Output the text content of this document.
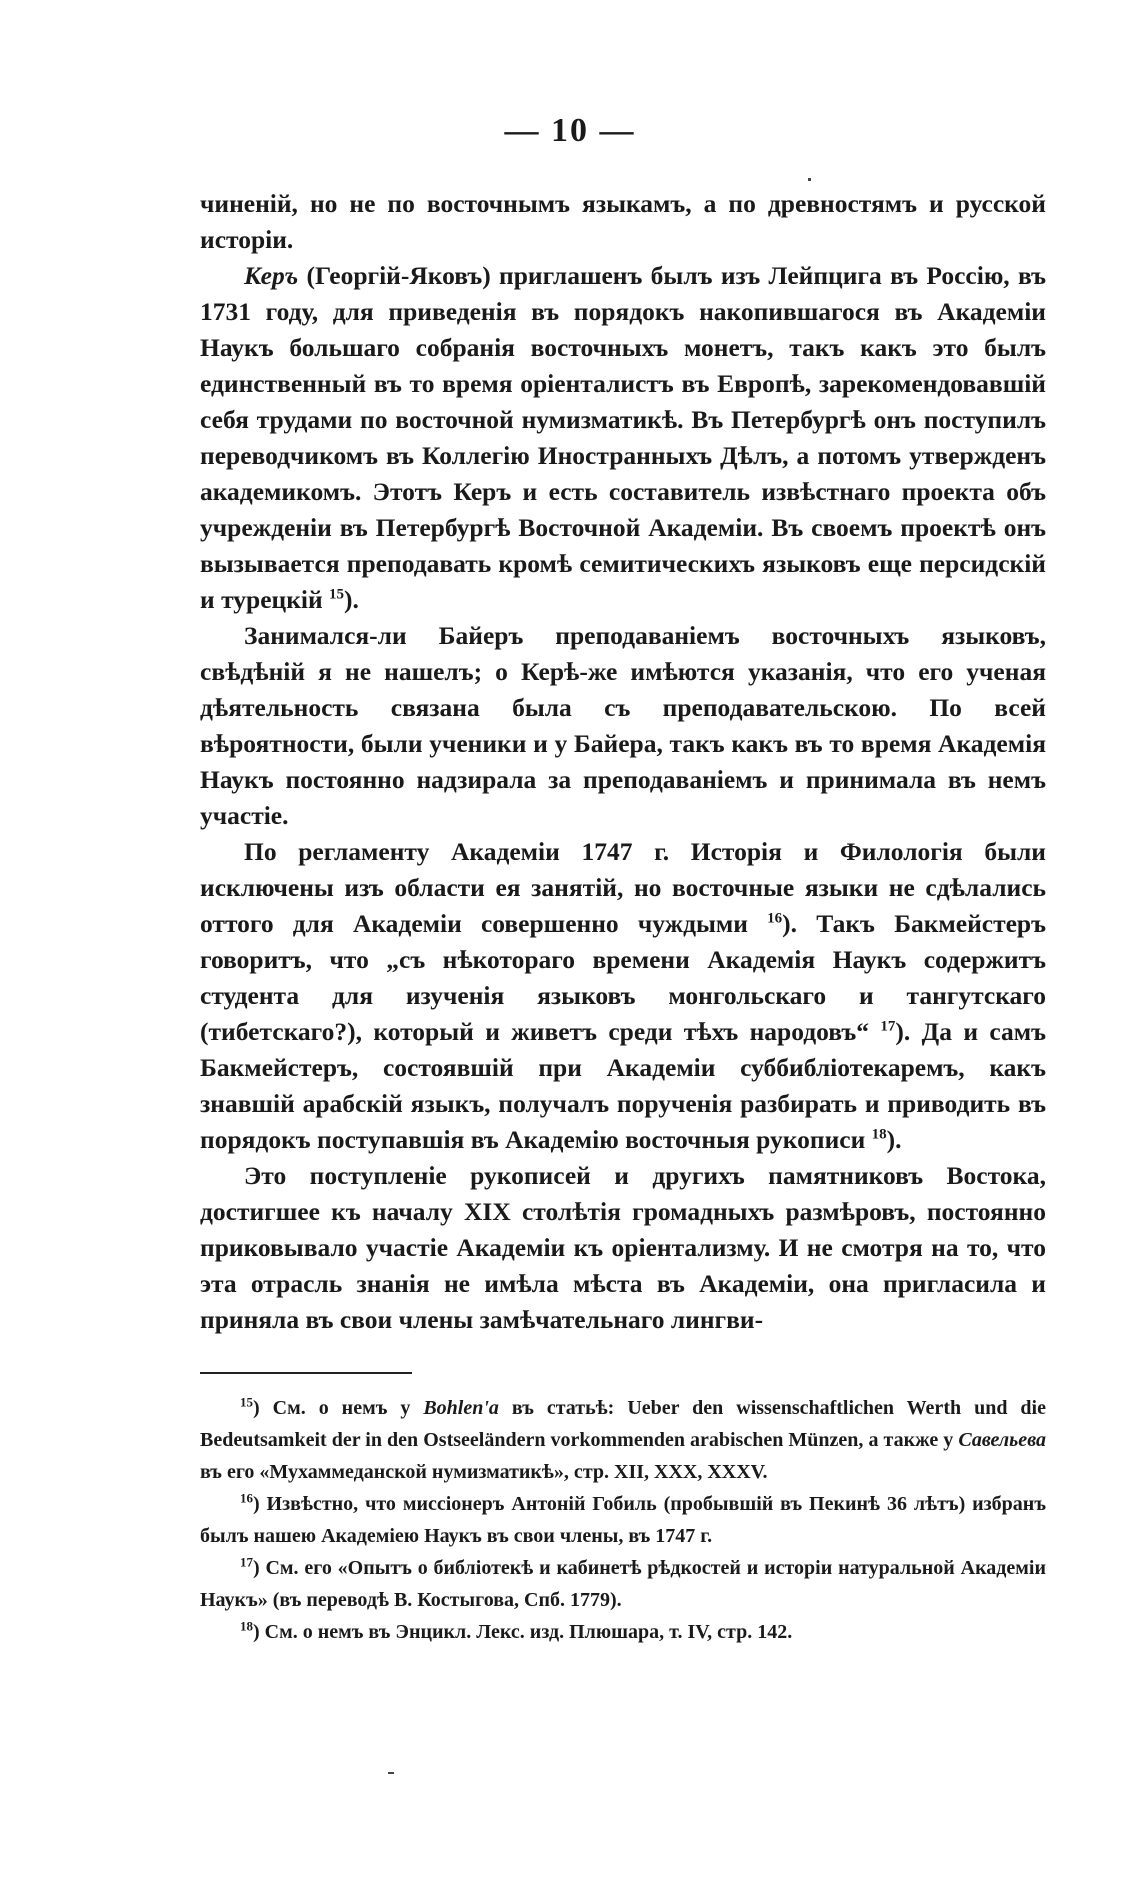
— 10 —

чиненій, но не по восточнымъ языкамъ, а по древностямъ и русской исторіи.

Керъ (Георгій-Яковъ) приглашенъ былъ изъ Лейпцига въ Россію, въ 1731 году, для приведенія въ порядокъ накопившагося въ Академіи Наукъ большаго собранія восточныхъ монетъ, такъ какъ это былъ единственный въ то время оріенталистъ въ Европѣ, зарекомендовавшій себя трудами по восточной нумизматикѣ. Въ Петербургѣ онъ поступилъ переводчикомъ въ Коллегію Иностранныхъ Дѣлъ, а потомъ утвержденъ академикомъ. Этотъ Керъ и есть составитель извѣстнаго проекта объ учрежденіи въ Петербургѣ Восточной Академіи. Въ своемъ проектѣ онъ вызывается преподавать кромѣ семитическихъ языковъ еще персидскій и турецкій $^{15}$).

Занимался-ли Байеръ преподаваніемъ восточныхъ языковъ, свѣдѣній я не нашелъ; о Керѣ-же имѣются указанія, что его ученая дѣятельность связана была съ преподавательскою. По всей вѣроятности, были ученики и у Байера, такъ какъ въ то время Академія Наукъ постоянно надзирала за преподаваніемъ и принимала въ немъ участіе.

По регламенту Академіи 1747 г. Исторія и Филологія были исключены изъ области ея занятій, но восточные языки не сдѣлались оттого для Академіи совершенно чуждыми $^{16}$). Такъ Бакмейстеръ говоритъ, что „съ нѣкотораго времени Академія Наукъ содержитъ студента для изученія языковъ монгольскаго и тангутскаго (тибетскаго?), который и живетъ среди тѣхъ народовъ“ $^{17}$). Да и самъ Бакмейстеръ, состоявшій при Академіи суббиблiотекаремъ, какъ знавшій арабскій языкъ, получалъ порученія разбирать и приводить въ порядокъ поступавшія въ Академію восточныя рукописи $^{18}$).

Это поступленіе рукописей и другихъ памятниковъ Востока, достигшее къ началу XIX столѣтія громадныхъ размѣровъ, постоянно приковывало участіе Академіи къ оріентализму. И не смотря на то, что эта отрасль знанія не имѣла мѣста въ Академіи, она пригласила и приняла въ свои члены замѣчательнаго лингви-

$^{15}$) См. о немъ у Bohlen'a въ статьѣ: Ueber den wissenschaftlichen Werth und die Bedeutsamkeit der in den Ostseeländern vorkommenden arabischen Münzen, а также у Савельева въ его «Мухаммеданской нумизматикѣ», стр. XII, XXX, XXXV.

$^{16}$) Извѣстно, что миссіонеръ Антоній Гобиль (пробывшій въ Пекинѣ 36 лѣтъ) избранъ былъ нашею Академіею Наукъ въ свои члены, въ 1747 г.

$^{17}$) См. его «Опытъ о библіотекѣ и кабинетѣ рѣдкостей и исторіи натуральной Академіи Наукъ» (въ переводѣ В. Костыгова, Спб. 1779).

$^{18}$) См. о немъ въ Энцикл. Лекс. изд. Плюшара, т. IV, стр. 142.
